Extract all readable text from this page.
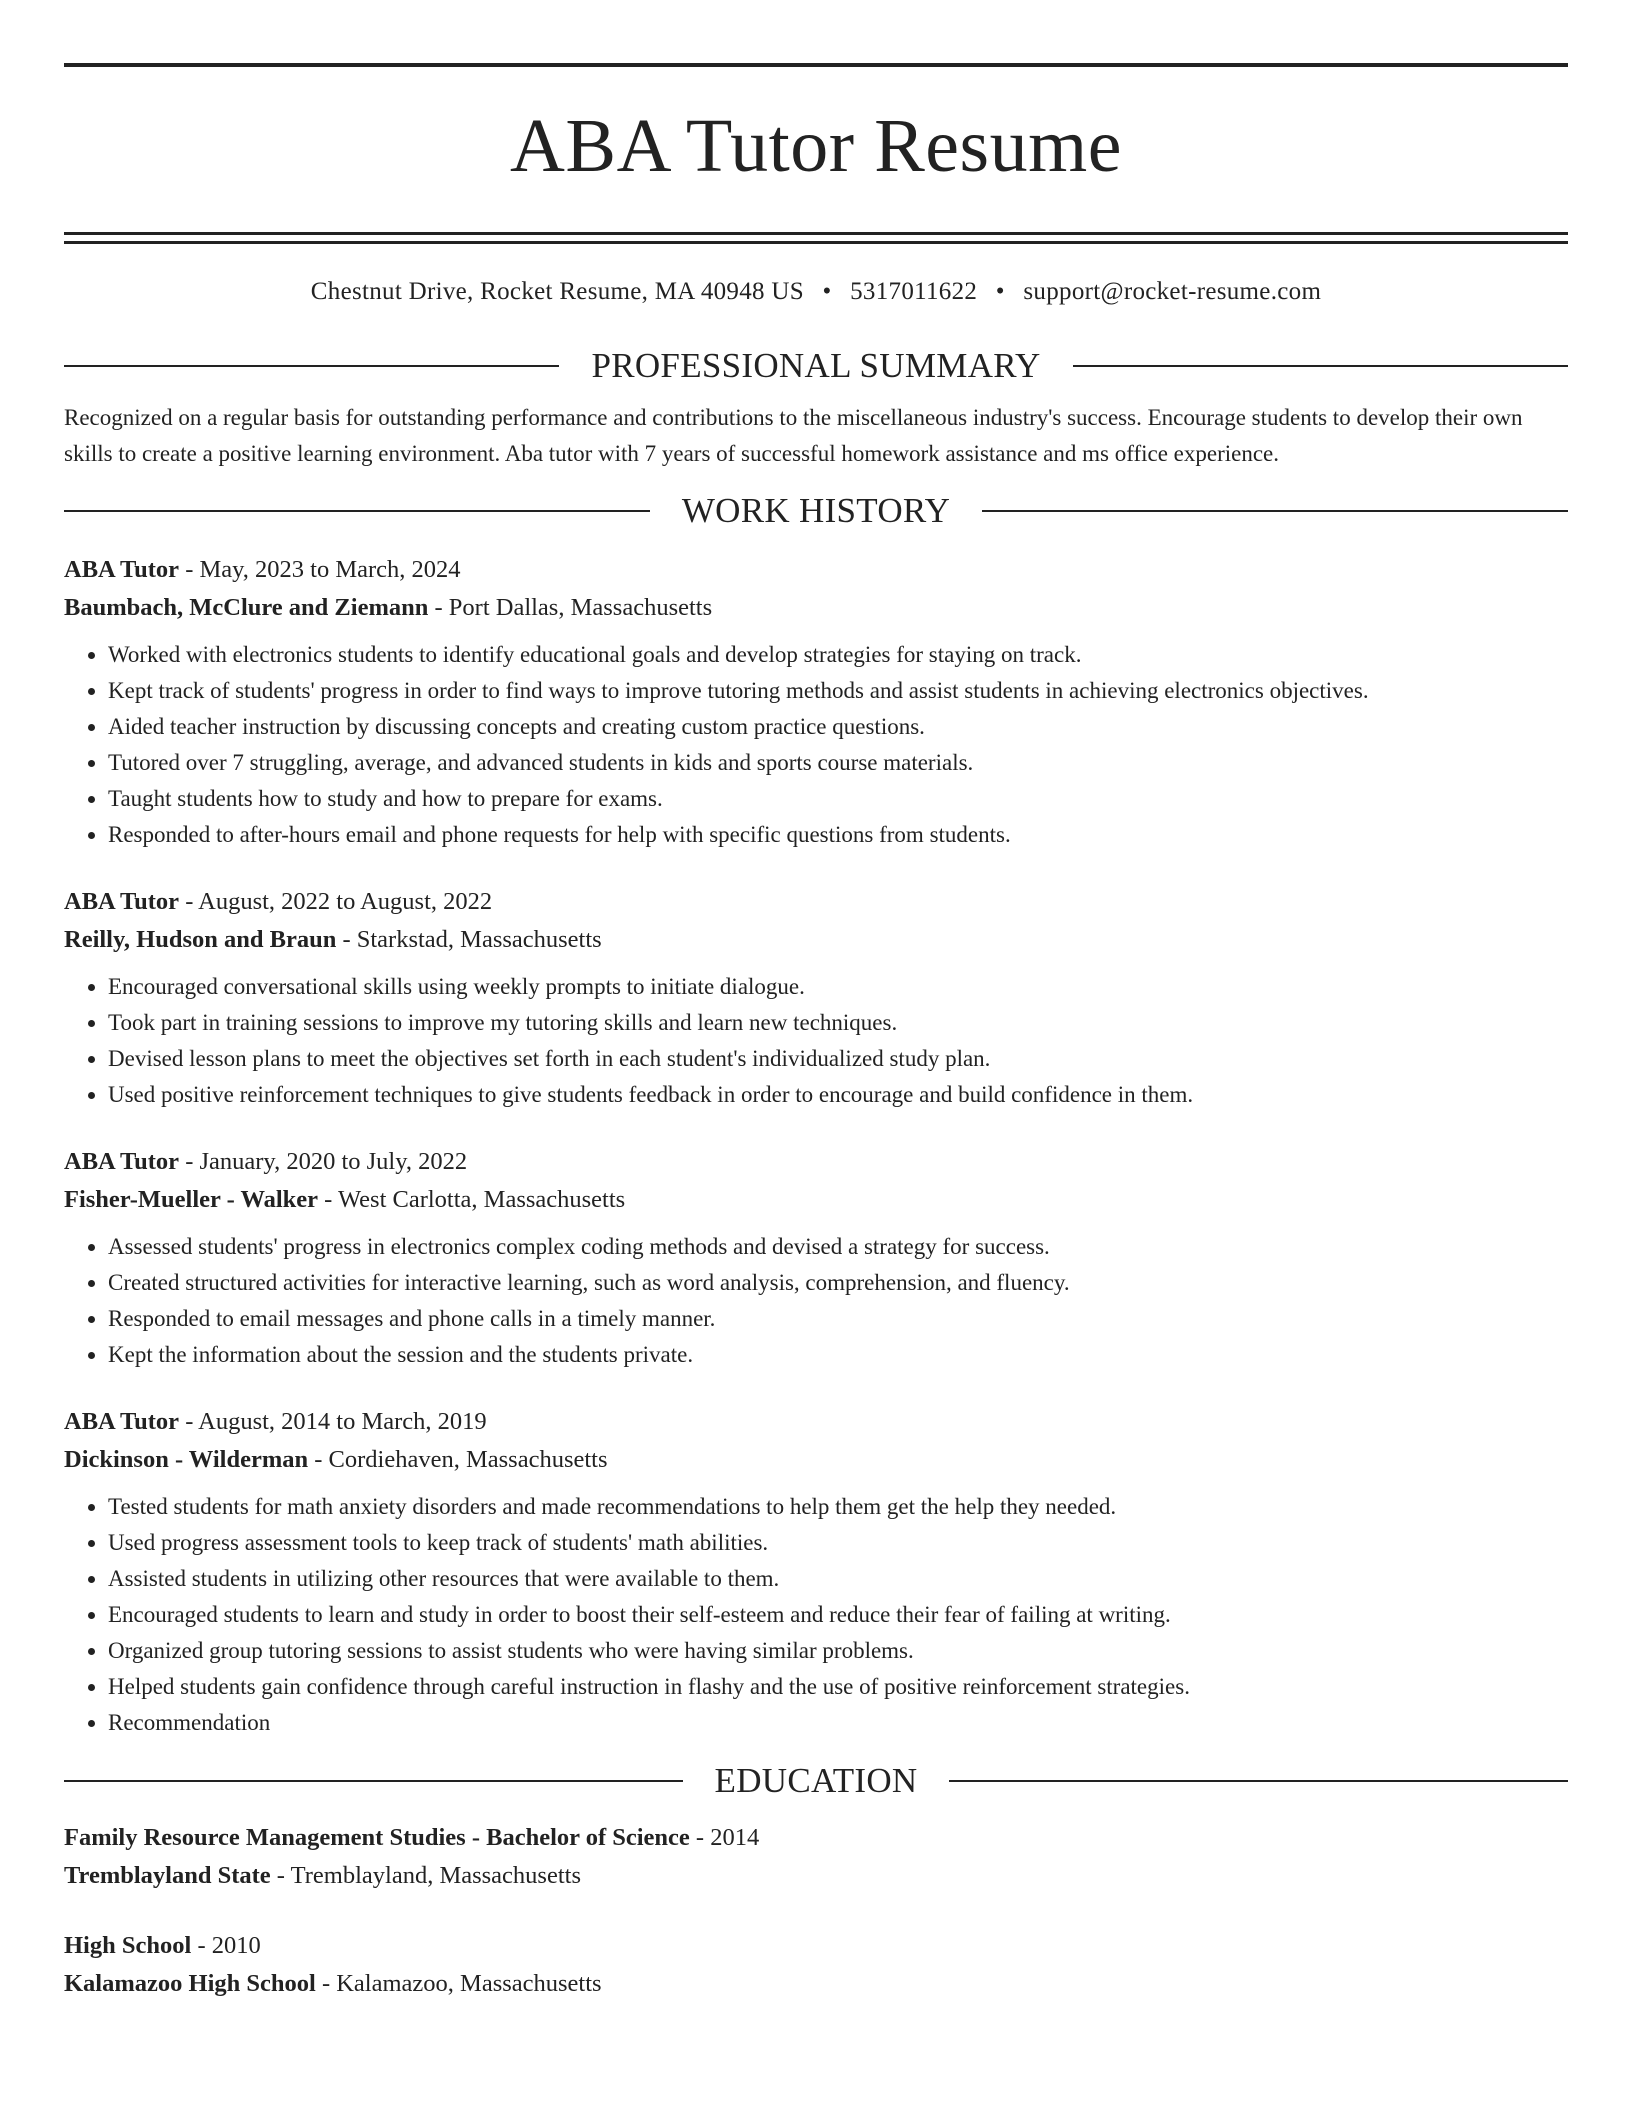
ABA Tutor Resume
Chestnut Drive, Rocket Resume, MA 40948 US • 5317011622 • support@rocket-resume.com
PROFESSIONAL SUMMARY
Recognized on a regular basis for outstanding performance and contributions to the miscellaneous industry's success. Encourage students to develop their own skills to create a positive learning environment. Aba tutor with 7 years of successful homework assistance and ms office experience.
WORK HISTORY
ABA Tutor - May, 2023 to March, 2024
Baumbach, McClure and Ziemann - Port Dallas, Massachusetts
• Worked with electronics students to identify educational goals and develop strategies for staying on track.
• Kept track of students' progress in order to find ways to improve tutoring methods and assist students in achieving electronics objectives.
• Aided teacher instruction by discussing concepts and creating custom practice questions.
• Tutored over 7 struggling, average, and advanced students in kids and sports course materials.
• Taught students how to study and how to prepare for exams.
• Responded to after-hours email and phone requests for help with specific questions from students.
ABA Tutor - August, 2022 to August, 2022
Reilly, Hudson and Braun - Starkstad, Massachusetts
• Encouraged conversational skills using weekly prompts to initiate dialogue.
• Took part in training sessions to improve my tutoring skills and learn new techniques.
• Devised lesson plans to meet the objectives set forth in each student's individualized study plan.
• Used positive reinforcement techniques to give students feedback in order to encourage and build confidence in them.
ABA Tutor - January, 2020 to July, 2022
Fisher-Mueller - Walker - West Carlotta, Massachusetts
• Assessed students' progress in electronics complex coding methods and devised a strategy for success.
• Created structured activities for interactive learning, such as word analysis, comprehension, and fluency.
• Responded to email messages and phone calls in a timely manner.
• Kept the information about the session and the students private.
ABA Tutor - August, 2014 to March, 2019
Dickinson - Wilderman - Cordiehaven, Massachusetts
• Tested students for math anxiety disorders and made recommendations to help them get the help they needed.
• Used progress assessment tools to keep track of students' math abilities.
• Assisted students in utilizing other resources that were available to them.
• Encouraged students to learn and study in order to boost their self-esteem and reduce their fear of failing at writing.
• Organized group tutoring sessions to assist students who were having similar problems.
• Helped students gain confidence through careful instruction in flashy and the use of positive reinforcement strategies.
• Recommendation
EDUCATION
Family Resource Management Studies - Bachelor of Science - 2014
Tremblayland State - Tremblayland, Massachusetts
High School - 2010
Kalamazoo High School - Kalamazoo, Massachusetts
